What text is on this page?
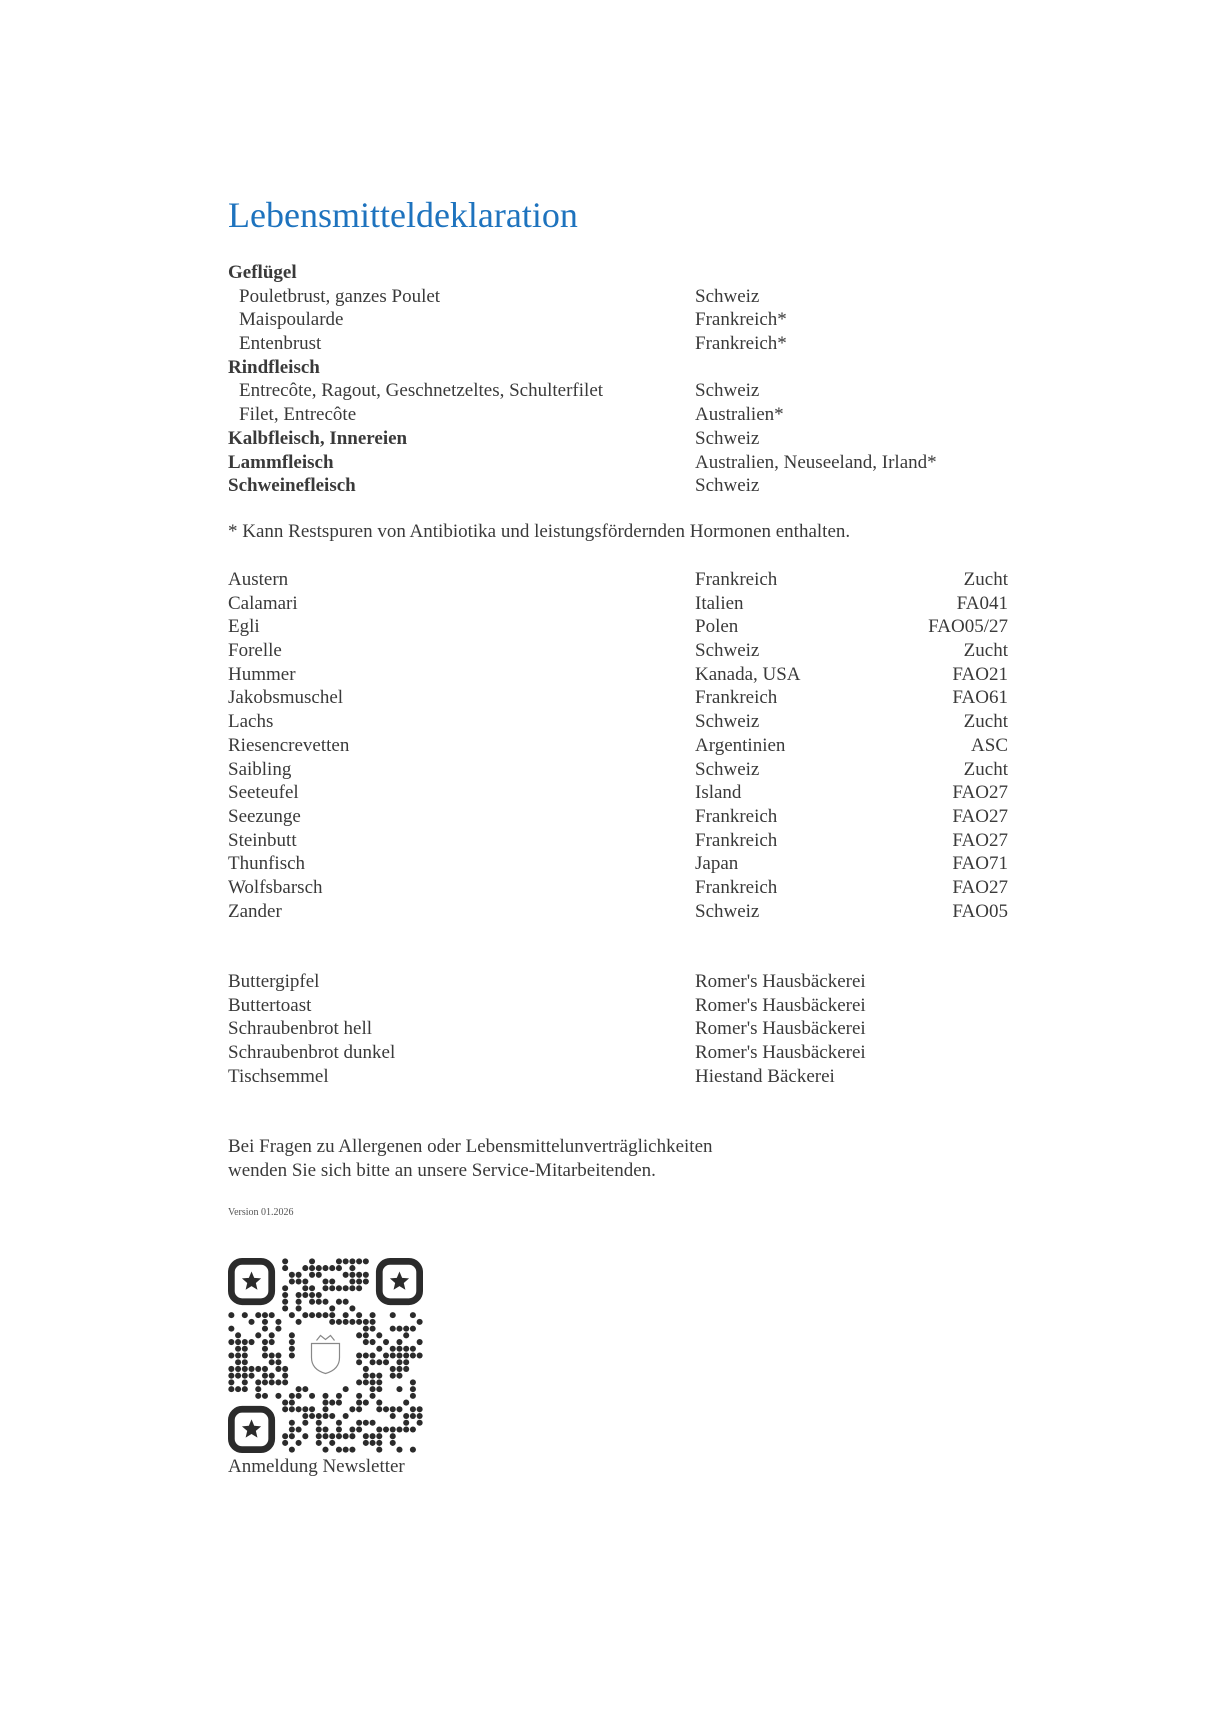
Lebensmitteldeklaration
Geflügel
Pouletbrust, ganzes Poulet	Schweiz
Maispoularde	Frankreich*
Entenbrust	Frankreich*
Rindfleisch
Entrecôte, Ragout, Geschnetzeltes, Schulterfilet	Schweiz
Filet, Entrecôte	Australien*
Kalbfleisch, Innereien	Schweiz
Lammfleisch	Australien, Neuseeland, Irland*
Schweinefleisch	Schweiz
* Kann Restspuren von Antibiotika und leistungsfördernden Hormonen enthalten.
Austern	Frankreich	Zucht
Calamari	Italien	FA041
Egli	Polen	FAO05/27
Forelle	Schweiz	Zucht
Hummer	Kanada, USA	FAO21
Jakobsmuschel	Frankreich	FAO61
Lachs	Schweiz	Zucht
Riesencrevetten	Argentinien	ASC
Saibling	Schweiz	Zucht
Seeteufel	Island	FAO27
Seezunge	Frankreich	FAO27
Steinbutt	Frankreich	FAO27
Thunfisch	Japan	FAO71
Wolfsbarsch	Frankreich	FAO27
Zander	Schweiz	FAO05
Buttergipfel	Romer's Hausbäckerei
Buttertoast	Romer's Hausbäckerei
Schraubenbrot hell	Romer's Hausbäckerei
Schraubenbrot dunkel	Romer's Hausbäckerei
Tischsemmel	Hiestand Bäckerei
Bei Fragen zu Allergenen oder Lebensmittelunverträglichkeiten
wenden Sie sich bitte an unsere Service-Mitarbeitenden.
Version 01.2026
Anmeldung Newsletter
